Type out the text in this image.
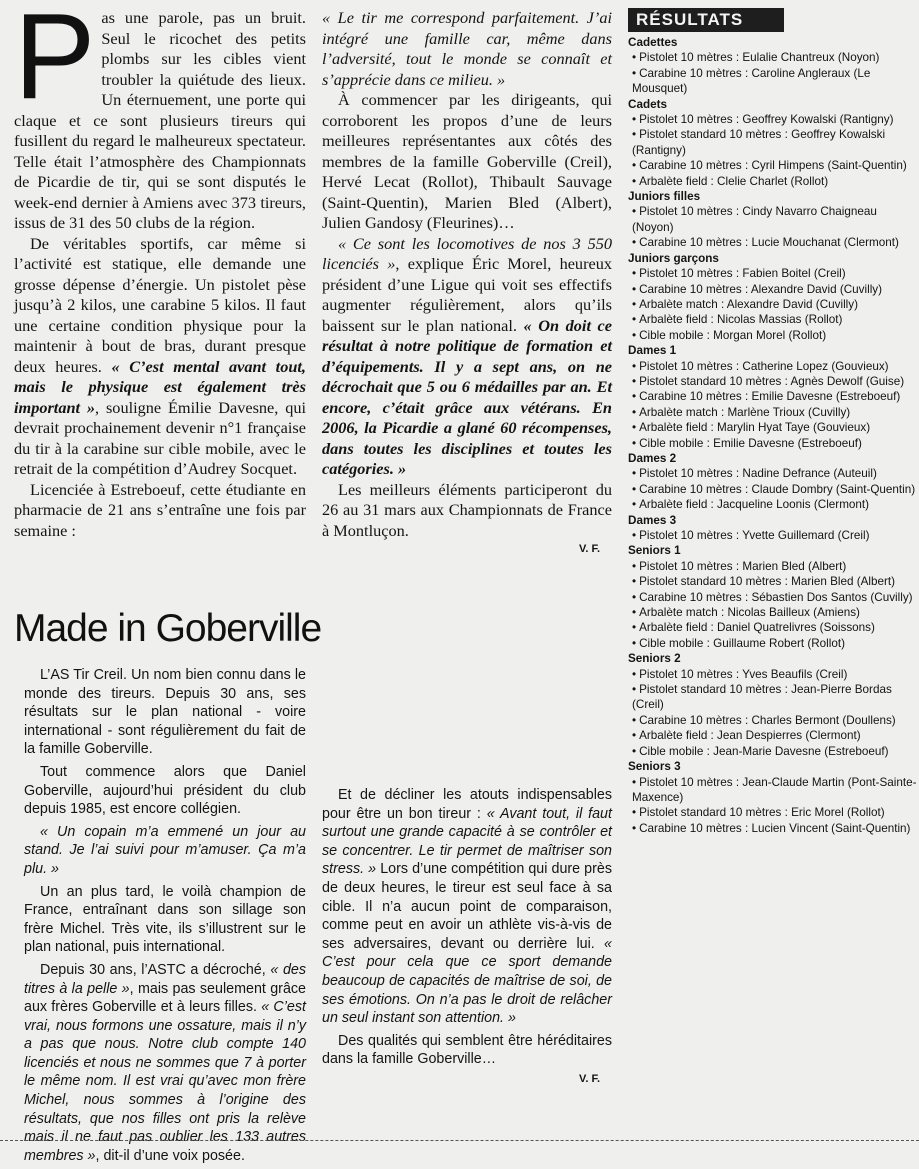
P as une parole, pas un bruit. Seul le ricochet des petits plombs sur les cibles vient troubler la quiétude des lieux. Un éternuement, une porte qui claque et ce sont plusieurs tireurs qui fusillent du regard le malheureux spectateur. Telle était l’atmosphère des Championnats de Picardie de tir, qui se sont disputés le week-end dernier à Amiens avec 373 tireurs, issus de 31 des 50 clubs de la région.

De véritables sportifs, car même si l’activité est statique, elle demande une grosse dépense d’énergie. Un pistolet pèse jusqu’à 2 kilos, une carabine 5 kilos. Il faut une certaine condition physique pour la maintenir à bout de bras, durant presque deux heures. « C’est mental avant tout, mais le physique est également très important », souligne Émilie Davesne, qui devrait prochainement devenir n°1 française du tir à la carabine sur cible mobile, avec le retrait de la compétition d’Audrey Socquet.

Licenciée à Estreboeuf, cette étudiante en pharmacie de 21 ans s’entraîne une fois par semaine :

« Le tir me correspond parfaitement. J’ai intégré une famille car, même dans l’adversité, tout le monde se connaît et s’apprécie dans ce milieu. »

À commencer par les dirigeants, qui corroborent les propos d’une de leurs meilleures représentantes aux côtés des membres de la famille Goberville (Creil), Hervé Lecat (Rollot), Thibault Sauvage (Saint-Quentin), Marien Bled (Albert), Julien Gandosy (Fleurines)…

« Ce sont les locomotives de nos 3 550 licenciés », explique Éric Morel, heureux président d’une Ligue qui voit ses effectifs augmenter régulièrement, alors qu’ils baissent sur le plan national. « On doit ce résultat à notre politique de formation et d’équipements. Il y a sept ans, on ne décrochait que 5 ou 6 médailles par an. Et encore, c’était grâce aux vétérans. En 2006, la Picardie a glané 60 récompenses, dans toutes les disciplines et toutes les catégories. »

Les meilleurs éléments participeront du 26 au 31 mars aux Championnats de France à Montluçon.

V. F.
Made in Goberville

L’AS Tir Creil. Un nom bien connu dans le monde des tireurs. Depuis 30 ans, ses résultats sur le plan national - voire international - sont régulièrement du fait de la famille Goberville.

Tout commence alors que Daniel Goberville, aujourd’hui président du club depuis 1985, est encore collégien.

« Un copain m’a emmené un jour au stand. Je l’ai suivi pour m’amuser. Ça m’a plu. »

Un an plus tard, le voilà champion de France, entraînant dans son sillage son frère Michel. Très vite, ils s’illustrent sur le plan national, puis international.

Depuis 30 ans, l’ASTC a décroché, « des titres à la pelle », mais pas seulement grâce aux frères Goberville et à leurs filles. « C’est vrai, nous formons une ossature, mais il n’y a pas que nous. Notre club compte 140 licenciés et nous ne sommes que 7 à porter le même nom. Il est vrai qu’avec mon frère Michel, nous sommes à l’origine des résultats, que nos filles ont pris la relève mais il ne faut pas oublier les 133 autres membres », dit-il d’une voix posée.

Et de décliner les atouts indispensables pour être un bon tireur : « Avant tout, il faut surtout une grande capacité à se contrôler et se concentrer. Le tir permet de maîtriser son stress. » Lors d’une compétition qui dure près de deux heures, le tireur est seul face à sa cible. Il n’a aucun point de comparaison, comme peut en avoir un athlète vis-à-vis de ses adversaires, devant ou derrière lui. « C’est pour cela que ce sport demande beaucoup de capacités de maîtrise de soi, de ses émotions. On n’a pas le droit de relâcher un seul instant son attention. »

Des qualités qui semblent être héréditaires dans la famille Goberville…

V. F.
RÉSULTATS
Cadettes
• Pistolet 10 mètres : Eulalie Chantreux (Noyon)
• Carabine 10 mètres : Caroline Angleraux (Le Mousquet)
Cadets
• Pistolet 10 mètres : Geoffrey Kowalski (Rantigny)
• Pistolet standard 10 mètres : Geoffrey Kowalski (Rantigny)
• Carabine 10 mètres : Cyril Himpens (Saint-Quentin)
• Arbalète field : Clelie Charlet (Rollot)
Juniors filles
• Pistolet 10 mètres : Cindy Navarro Chaigneau (Noyon)
• Carabine 10 mètres : Lucie Mouchanat (Clermont)
Juniors garçons
• Pistolet 10 mètres : Fabien Boitel (Creil)
• Carabine 10 mètres : Alexandre David (Cuvilly)
• Arbalète match : Alexandre David (Cuvilly)
• Arbalète field : Nicolas Massias (Rollot)
• Cible mobile : Morgan Morel (Rollot)
Dames 1
• Pistolet 10 mètres : Catherine Lopez (Gouvieux)
• Pistolet standard 10 mètres : Agnès Dewolf (Guise)
• Carabine 10 mètres : Emilie Davesne (Estreboeuf)
• Arbalète match : Marlène Trioux (Cuvilly)
• Arbalète field : Marylin Hyat Taye (Gouvieux)
• Cible mobile : Emilie Davesne (Estreboeuf)
Dames 2
• Pistolet 10 mètres : Nadine Defrance (Auteuil)
• Carabine 10 mètres : Claude Dombry (Saint-Quentin)
• Arbalète field : Jacqueline Loonis (Clermont)
Dames 3
• Pistolet 10 mètres : Yvette Guillemard (Creil)
Seniors 1
• Pistolet 10 mètres : Marien Bled (Albert)
• Pistolet standard 10 mètres : Marien Bled (Albert)
• Carabine 10 mètres : Sébastien Dos Santos (Cuvilly)
• Arbalète match : Nicolas Bailleux (Amiens)
• Arbalète field : Daniel Quatrelivres (Soissons)
• Cible mobile : Guillaume Robert (Rollot)
Seniors 2
• Pistolet 10 mètres : Yves Beaufils (Creil)
• Pistolet standard 10 mètres : Jean-Pierre Bordas (Creil)
• Carabine 10 mètres : Charles Bermont (Doullens)
• Arbalète field : Jean Despierres (Clermont)
• Cible mobile : Jean-Marie Davesne (Estreboeuf)
Seniors 3
• Pistolet 10 mètres : Jean-Claude Martin (Pont-Sainte-Maxence)
• Pistolet standard 10 mètres : Eric Morel (Rollot)
• Carabine 10 mètres : Lucien Vincent (Saint-Quentin)
